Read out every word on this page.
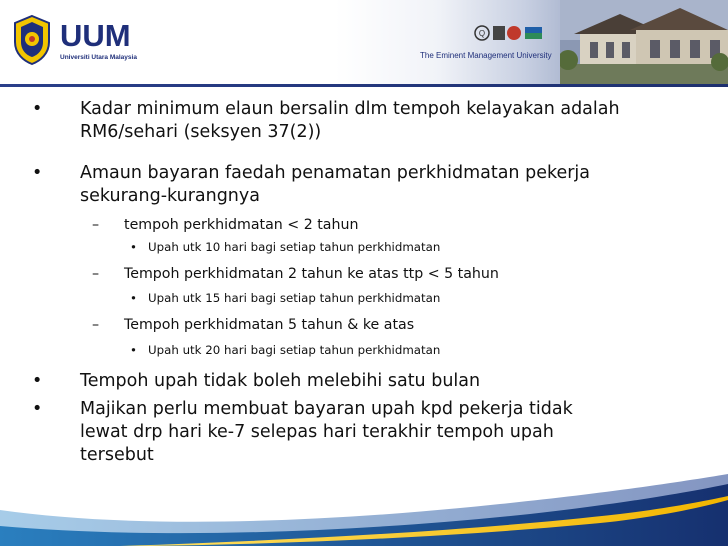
UUM
Universiti Utara Malaysia
Q
The Eminent Management University
• Kadar minimum elaun bersalin dlm tempoh kelayakan adalah
RM6/sehari (seksyen 37(2))
• Amaun bayaran faedah penamatan perkhidmatan pekerja
sekurang-kurangnya
– tempoh perkhidmatan < 2 tahun
• Upah utk 10 hari bagi setiap tahun perkhidmatan
– Tempoh perkhidmatan 2 tahun ke atas ttp < 5 tahun
• Upah utk 15 hari bagi setiap tahun perkhidmatan
– Tempoh perkhidmatan 5 tahun & ke atas
• Upah utk 20 hari bagi setiap tahun perkhidmatan
• Tempoh upah tidak boleh melebihi satu bulan
• Majikan perlu membuat bayaran upah kpd pekerja tidak
lewat drp hari ke-7 selepas hari terakhir tempoh upah
tersebut
